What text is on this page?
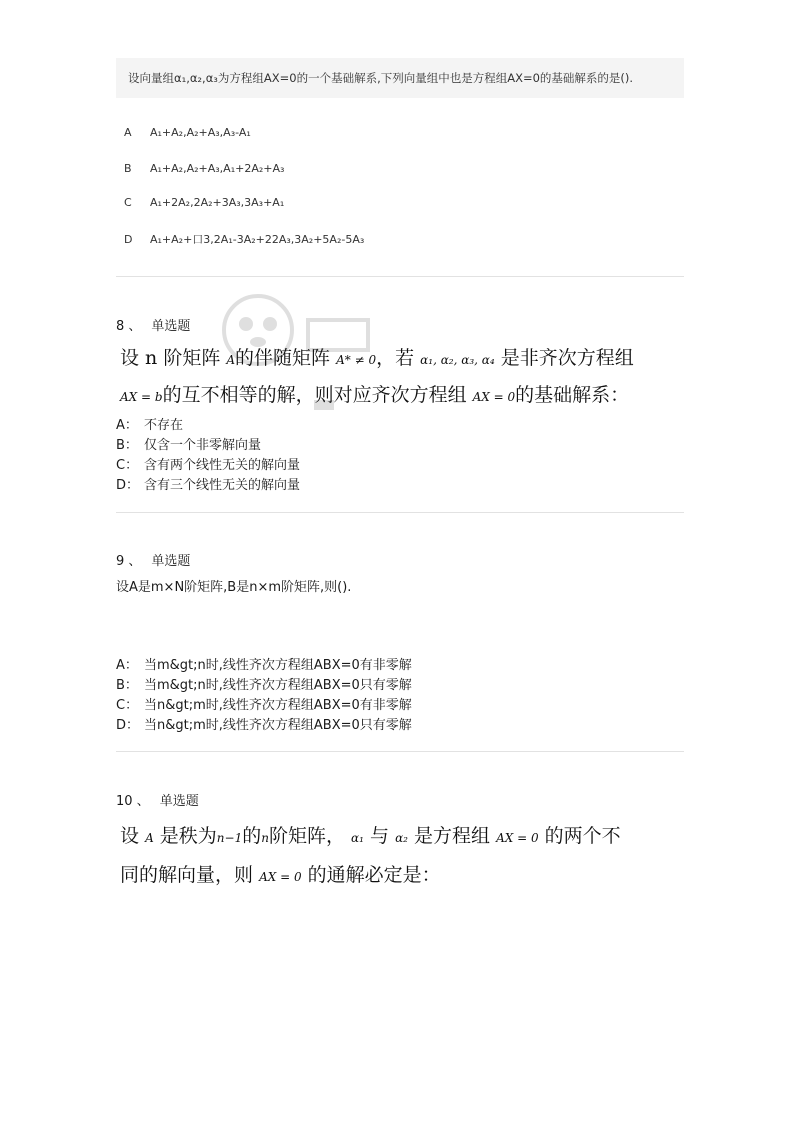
设向量组α₁,α₂,α₃为方程组AX=0的一个基础解系,下列向量组中也是方程组AX=0的基础解系的是().
A A₁+A₂,A₂+A₃,A₃-A₁
B A₁+A₂,A₂+A₃,A₁+2A₂+A₃
C A₁+2A₂,2A₂+3A₃,3A₃+A₁
D A₁+A₂+口3,2A₁-3A₂+22A₃,3A₂+5A₂-5A₃
8 、 单选题
设 n 阶矩阵 A的伴随矩阵 A* ≠ 0，若 α₁, α₂, α₃, α₄ 是非齐次方程组
AX = b的互不相等的解，则对应齐次方程组 AX = 0的基础解系：
A： 不存在
B： 仅含一个非零解向量
C： 含有两个线性无关的解向量
D： 含有三个线性无关的解向量
9 、 单选题
设A是m×N阶矩阵,B是n×m阶矩阵,则().
A： 当m&gt;n时,线性齐次方程组ABX=0有非零解
B： 当m&gt;n时,线性齐次方程组ABX=0只有零解
C： 当n&gt;m时,线性齐次方程组ABX=0有非零解
D： 当n&gt;m时,线性齐次方程组ABX=0只有零解
10 、 单选题
设 A 是秩为n−1的n阶矩阵， α₁ 与 α₂ 是方程组 AX = 0 的两个不
同的解向量，则 AX = 0 的通解必定是：
